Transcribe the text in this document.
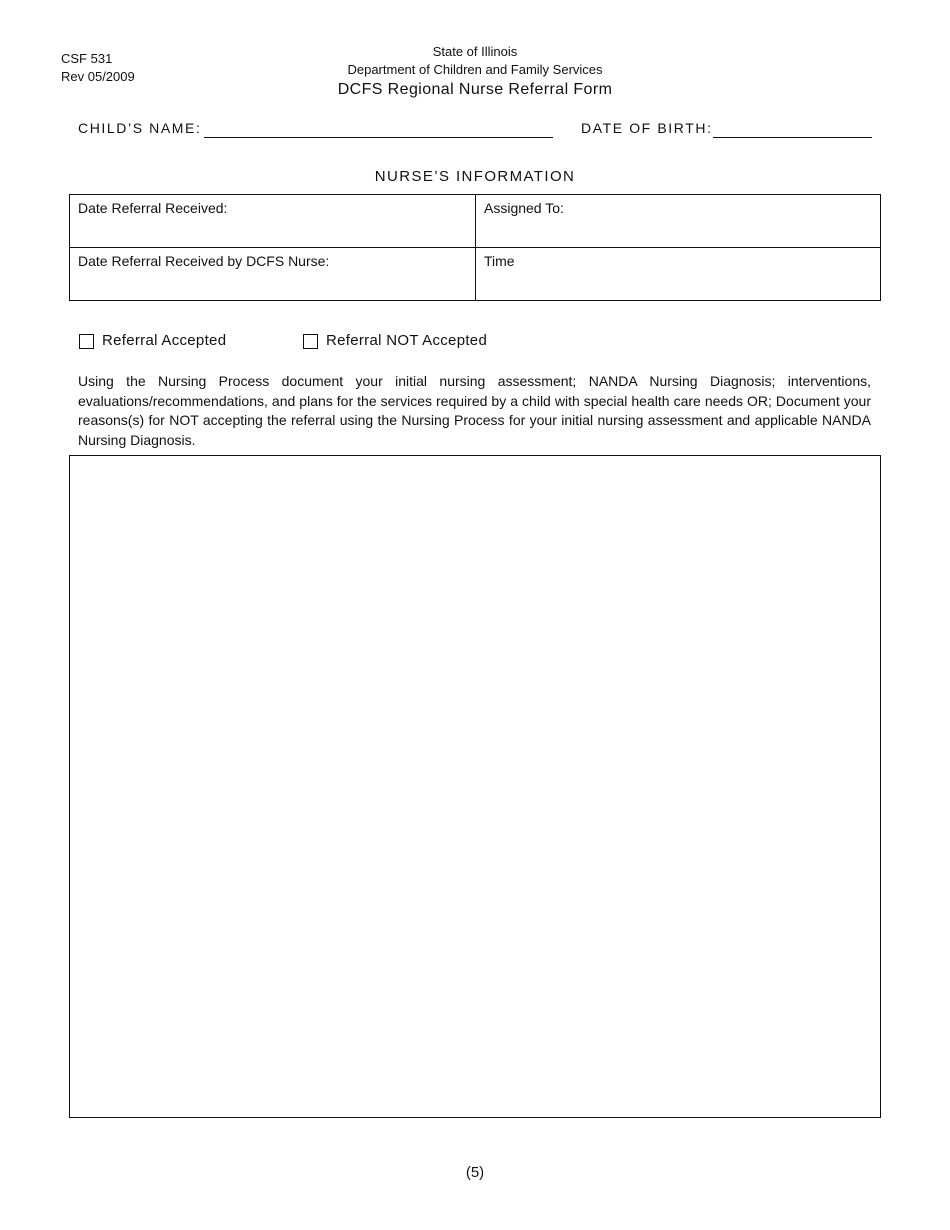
CSF 531
Rev 05/2009
State of Illinois
Department of Children and Family Services
DCFS Regional Nurse Referral Form
CHILD’S NAME:	DATE OF BIRTH:
NURSE’S INFORMATION
Date Referral Received:	Assigned To:
Date Referral Received by DCFS Nurse:	Time
Referral Accepted	Referral NOT Accepted
Using the Nursing Process document your initial nursing assessment; NANDA Nursing Diagnosis; interventions, evaluations/recommendations, and plans for the services required by a child with special health care needs OR; Document your reasons(s) for NOT accepting the referral using the Nursing Process for your initial nursing assessment and applicable NANDA Nursing Diagnosis.
(5)
